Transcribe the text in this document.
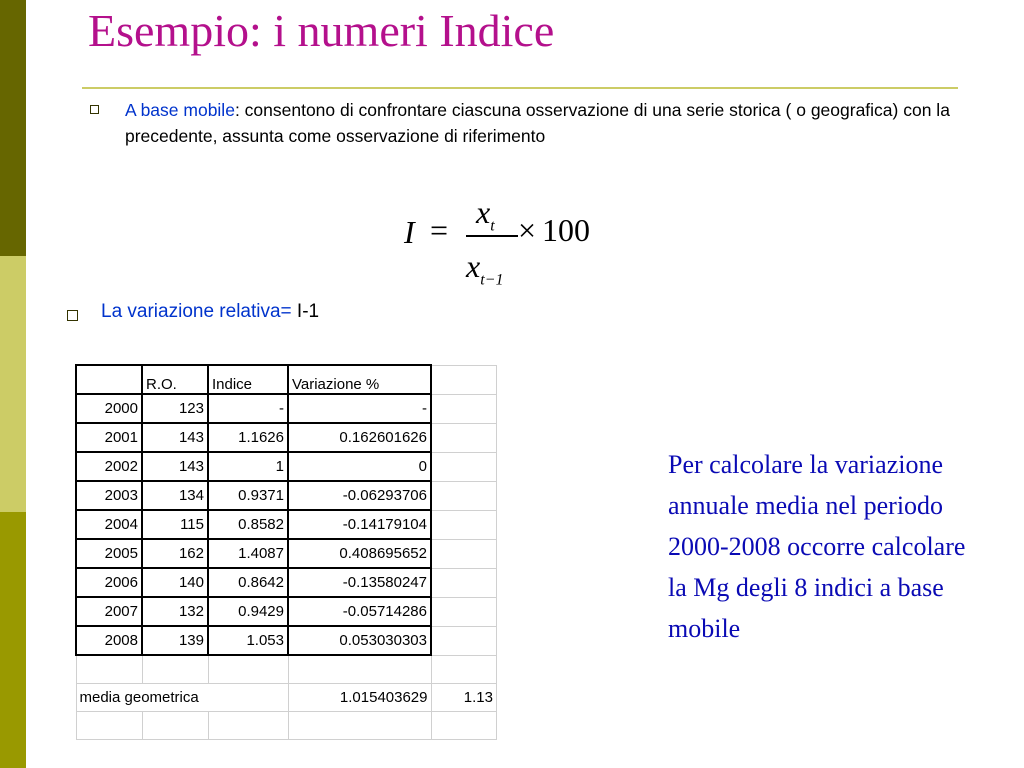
Esempio: i numeri Indice
A base mobile: consentono di confrontare ciascuna osservazione di una serie storica ( o geografica) con la precedente, assunta come osservazione di riferimento
$I = x_t$
$x_{t-1}$
× 100
La variazione relativa= I-1
	R.O.	Indice	Variazione %	
2000	123	-	-	
2001	143	1.1626	0.162601626	
2002	143	1	0	
2003	134	0.9371	-0.06293706	
2004	115	0.8582	-0.14179104	
2005	162	1.4087	0.408695652	
2006	140	0.8642	-0.13580247	
2007	132	0.9429	-0.05714286	
2008	139	1.053	0.053030303	

media geometrica			1.015403629	1.13

Per calcolare la variazione annuale media nel periodo 2000-2008 occorre calcolare la Mg degli 8 indici a base mobile
